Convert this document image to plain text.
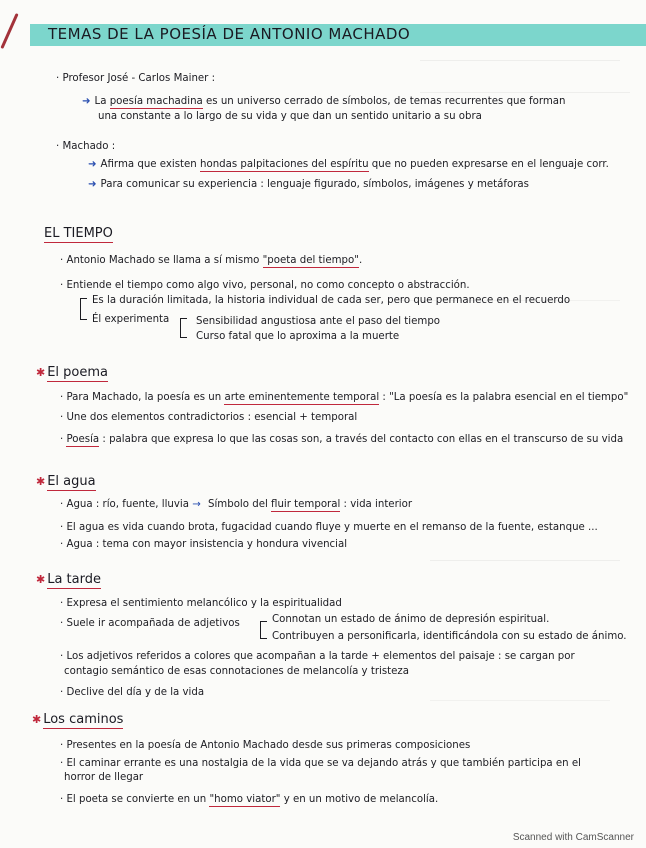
TEMAS DE LA POESÍA DE ANTONIO MACHADO
· Profesor José - Carlos Mainer :
➜ La poesía machadina es un universo cerrado de símbolos, de temas recurrentes que forman
una constante a lo largo de su vida y que dan un sentido unitario a su obra
· Machado :
➜ Afirma que existen hondas palpitaciones del espíritu que no pueden expresarse en el lenguaje corr.
➜ Para comunicar su experiencia : lenguaje figurado, símbolos, imágenes y metáforas
EL TIEMPO
· Antonio Machado se llama a sí mismo "poeta del tiempo".
· Entiende el tiempo como algo vivo, personal, no como concepto o abstracción.
Es la duración limitada, la historia individual de cada ser, pero que permanece en el recuerdo
Él experimenta	Sensibilidad angustiosa ante el paso del tiempo
Curso fatal que lo aproxima a la muerte
✱ El poema
· Para Machado, la poesía es un arte eminentemente temporal : "La poesía es la palabra esencial en el tiempo"
· Une dos elementos contradictorios : esencial + temporal
· Poesía : palabra que expresa lo que las cosas son, a través del contacto con ellas en el transcurso de su vida
✱ El agua
· Agua : río, fuente, lluvia → Símbolo del fluir temporal : vida interior
· El agua es vida cuando brota, fugacidad cuando fluye y muerte en el remanso de la fuente, estanque ...
· Agua : tema con mayor insistencia y hondura vivencial
✱ La tarde
· Expresa el sentimiento melancólico y la espiritualidad
· Suele ir acompañada de adjetivos	Connotan un estado de ánimo de depresión espiritual.
Contribuyen a personificarla, identificándola con su estado de ánimo.
· Los adjetivos referidos a colores que acompañan a la tarde + elementos del paisaje : se cargan por
contagio semántico de esas connotaciones de melancolía y tristeza
· Declive del día y de la vida
✱ Los caminos
· Presentes en la poesía de Antonio Machado desde sus primeras composiciones
· El caminar errante es una nostalgia de la vida que se va dejando atrás y que también participa en el
horror de llegar
· El poeta se convierte en un "homo viator" y en un motivo de melancolía.
Scanned with CamScanner
